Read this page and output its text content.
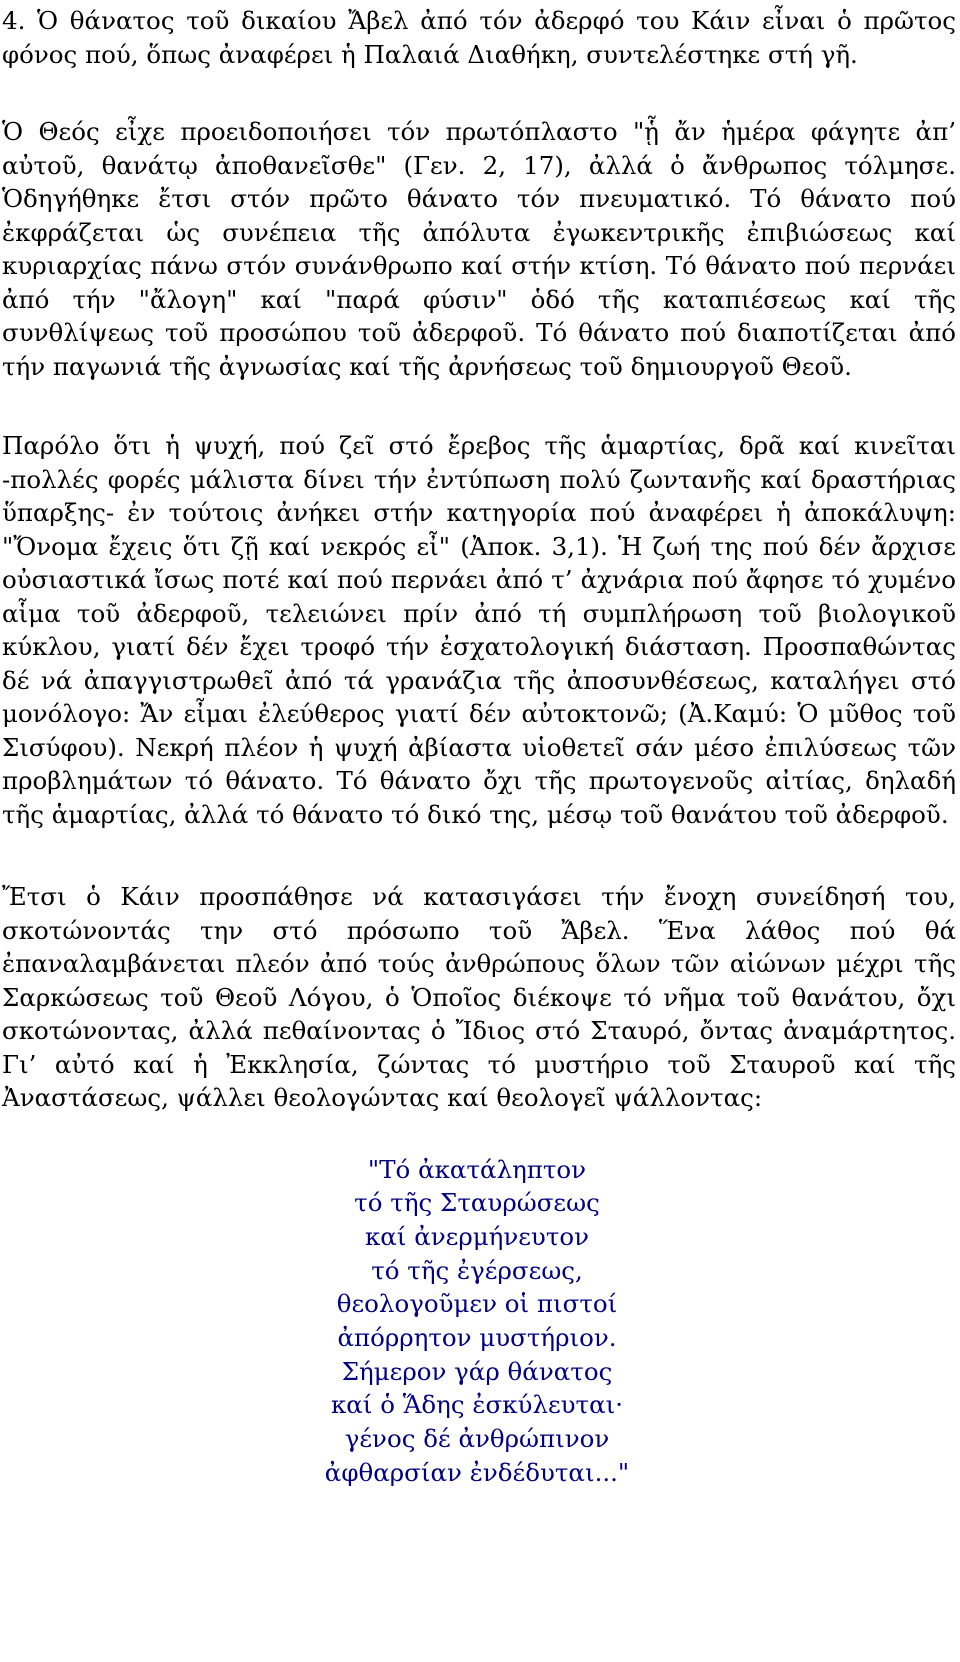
4. Ὁ θάνατος τοῦ δικαίου Ἄβελ ἀπό τόν ἀδερφό του Κάιν εἶναι ὁ πρῶτος φόνος πού, ὅπως ἀναφέρει ἡ Παλαιά Διαθήκη, συντελέστηκε στή γῆ.

Ὁ Θεός εἶχε προειδοποιήσει τόν πρωτόπλαστο "ᾗ ἄν ἡμέρα φάγητε ἀπ’ αὐτοῦ, θανάτῳ ἀποθανεῖσθε" (Γεν. 2, 17), ἀλλά ὁ ἄνθρωπος τόλμησε. Ὁδηγήθηκε ἔτσι στόν πρῶτο θάνατο τόν πνευματικό. Τό θάνατο πού ἐκφράζεται ὡς συνέπεια τῆς ἀπόλυτα ἐγωκεντρικῆς ἐπιβιώσεως καί κυριαρχίας πάνω στόν συνάνθρωπο καί στήν κτίση. Τό θάνατο πού περνάει ἀπό τήν "ἄλογη" καί "παρά φύσιν" ὁδό τῆς καταπιέσεως καί τῆς συνθλίψεως τοῦ προσώπου τοῦ ἀδερφοῦ. Τό θάνατο πού διαποτίζεται ἀπό τήν παγωνιά τῆς ἀγνωσίας καί τῆς ἀρνήσεως τοῦ δημιουργοῦ Θεοῦ.

Παρόλο ὅτι ἡ ψυχή, πού ζεῖ στό ἔρεβος τῆς ἁμαρτίας, δρᾶ καί κινεῖται -πολλές φορές μάλιστα δίνει τήν ἐντύπωση πολύ ζωντανῆς καί δραστήριας ὕπαρξης- ἐν τούτοις ἀνήκει στήν κατηγορία πού ἀναφέρει ἡ ἀποκάλυψη: "Ὄνομα ἔχεις ὅτι ζῇ καί νεκρός εἶ" (Ἀποκ. 3,1). Ἡ ζωή της πού δέν ἄρχισε οὐσιαστικά ἴσως ποτέ καί πού περνάει ἀπό τ’ ἀχνάρια πού ἄφησε τό χυμένο αἷμα τοῦ ἀδερφοῦ, τελειώνει πρίν ἀπό τή συμπλήρωση τοῦ βιολογικοῦ κύκλου, γιατί δέν ἔχει τροφό τήν ἐσχατολογική διάσταση. Προσπαθώντας δέ νά ἀπαγγιστρωθεῖ ἀπό τά γρανάζια τῆς ἀποσυνθέσεως, καταλήγει στό μονόλογο: Ἄν εἶμαι ἐλεύθερος γιατί δέν αὐτοκτονῶ; (Ἀ.Καμύ: Ὁ μῦθος τοῦ Σισύφου). Νεκρή πλέον ἡ ψυχή ἀβίαστα υἱοθετεῖ σάν μέσο ἐπιλύσεως τῶν προβλημάτων τό θάνατο. Τό θάνατο ὄχι τῆς πρωτογενοῦς αἰτίας, δηλαδή τῆς ἁμαρτίας, ἀλλά τό θάνατο τό δικό της, μέσῳ τοῦ θανάτου τοῦ ἀδερφοῦ.

Ἔτσι ὁ Κάιν προσπάθησε νά κατασιγάσει τήν ἔνοχη συνείδησή του, σκοτώνοντάς την στό πρόσωπο τοῦ Ἄβελ. Ἕνα λάθος πού θά ἐπαναλαμβάνεται πλεόν ἀπό τούς ἀνθρώπους ὅλων τῶν αἰώνων μέχρι τῆς Σαρκώσεως τοῦ Θεοῦ Λόγου, ὁ Ὁποῖος διέκοψε τό νῆμα τοῦ θανάτου, ὄχι σκοτώνοντας, ἀλλά πεθαίνοντας ὁ Ἴδιος στό Σταυρό, ὄντας ἀναμάρτητος. Γι’ αὐτό καί ἡ Ἐκκλησία, ζώντας τό μυστήριο τοῦ Σταυροῦ καί τῆς Ἀναστάσεως, ψάλλει θεολογώντας καί θεολογεῖ ψάλλοντας:

"Τό ἀκατάληπτον
τό τῆς Σταυρώσεως
καί ἀνερμήνευτον
τό τῆς ἐγέρσεως,
θεολογοῦμεν οἱ πιστοί
ἀπόρρητον μυστήριον.
Σήμερον γάρ θάνατος
καί ὁ Ἅδης ἐσκύλευται·
γένος δέ ἀνθρώπινον
ἀφθαρσίαν ἐνδέδυται..."
